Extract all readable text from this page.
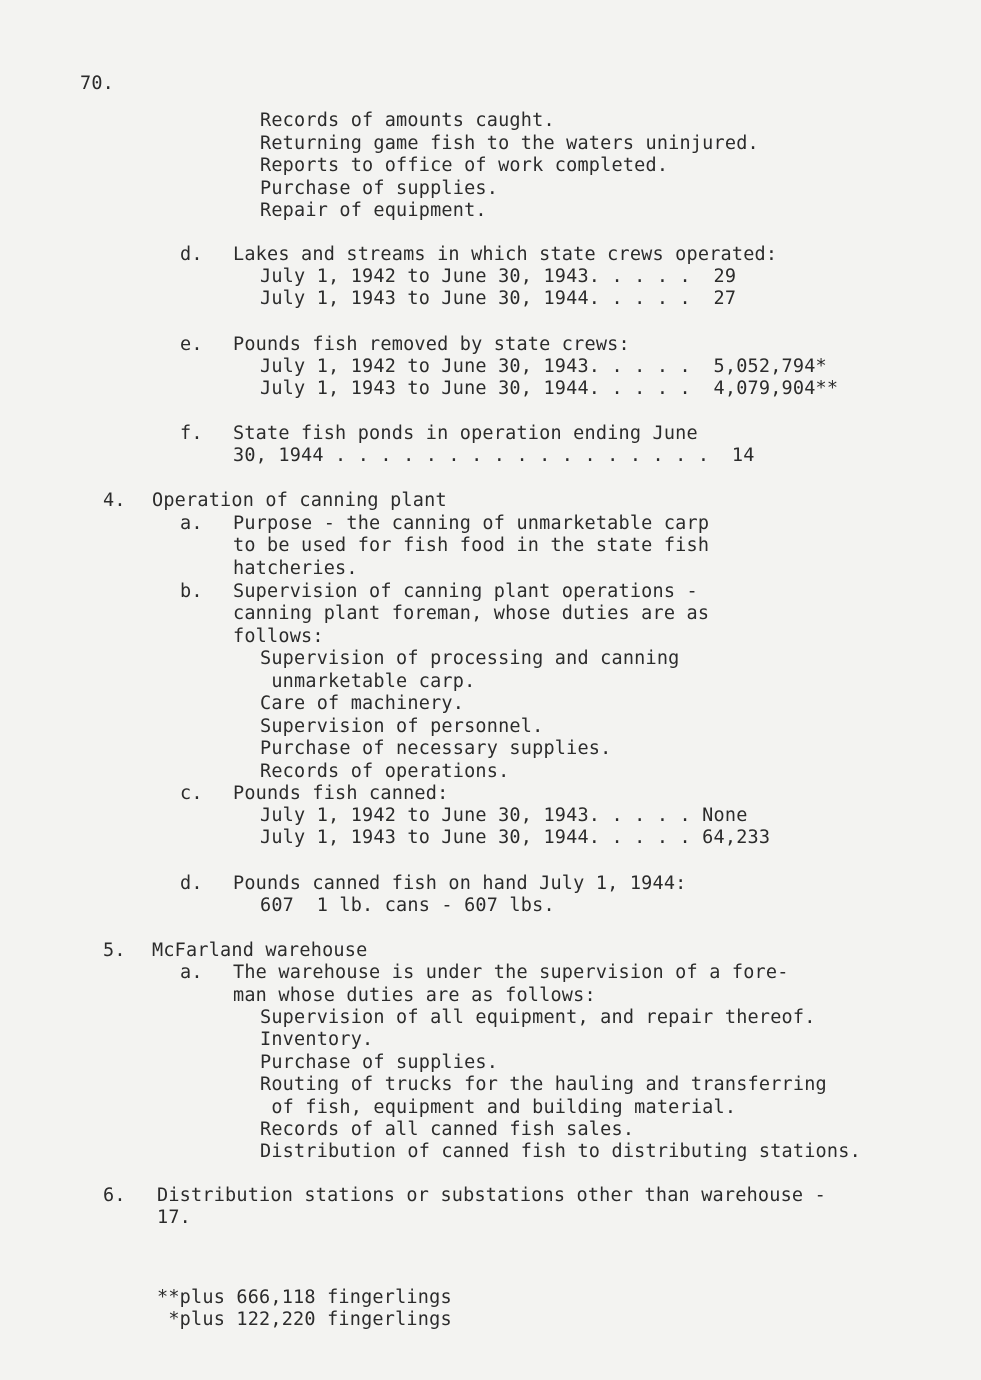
70.
Records of amounts caught.
Returning game fish to the waters uninjured.
Reports to office of work completed.
Purchase of supplies.
Repair of equipment.
d. Lakes and streams in which state crews operated:
July 1, 1942 to June 30, 1943. . . . .  29
July 1, 1943 to June 30, 1944. . . . .  27
e. Pounds fish removed by state crews:
July 1, 1942 to June 30, 1943. . . . .  5,052,794*
July 1, 1943 to June 30, 1944. . . . .  4,079,904**
f. State fish ponds in operation ending June
30, 1944 . . . . . . . . . . . . . . . . .  14
4. Operation of canning plant
a. Purpose - the canning of unmarketable carp
to be used for fish food in the state fish
hatcheries.
b. Supervision of canning plant operations -
canning plant foreman, whose duties are as
follows:
Supervision of processing and canning
unmarketable carp.
Care of machinery.
Supervision of personnel.
Purchase of necessary supplies.
Records of operations.
c. Pounds fish canned:
July 1, 1942 to June 30, 1943. . . . . None
July 1, 1943 to June 30, 1944. . . . . 64,233
d. Pounds canned fish on hand July 1, 1944:
607  1 lb. cans - 607 lbs.
5. McFarland warehouse
a. The warehouse is under the supervision of a fore-
man whose duties are as follows:
Supervision of all equipment, and repair thereof.
Inventory.
Purchase of supplies.
Routing of trucks for the hauling and transferring
of fish, equipment and building material.
Records of all canned fish sales.
Distribution of canned fish to distributing stations.
6. Distribution stations or substations other than warehouse -
17.
**plus 666,118 fingerlings
*plus 122,220 fingerlings
